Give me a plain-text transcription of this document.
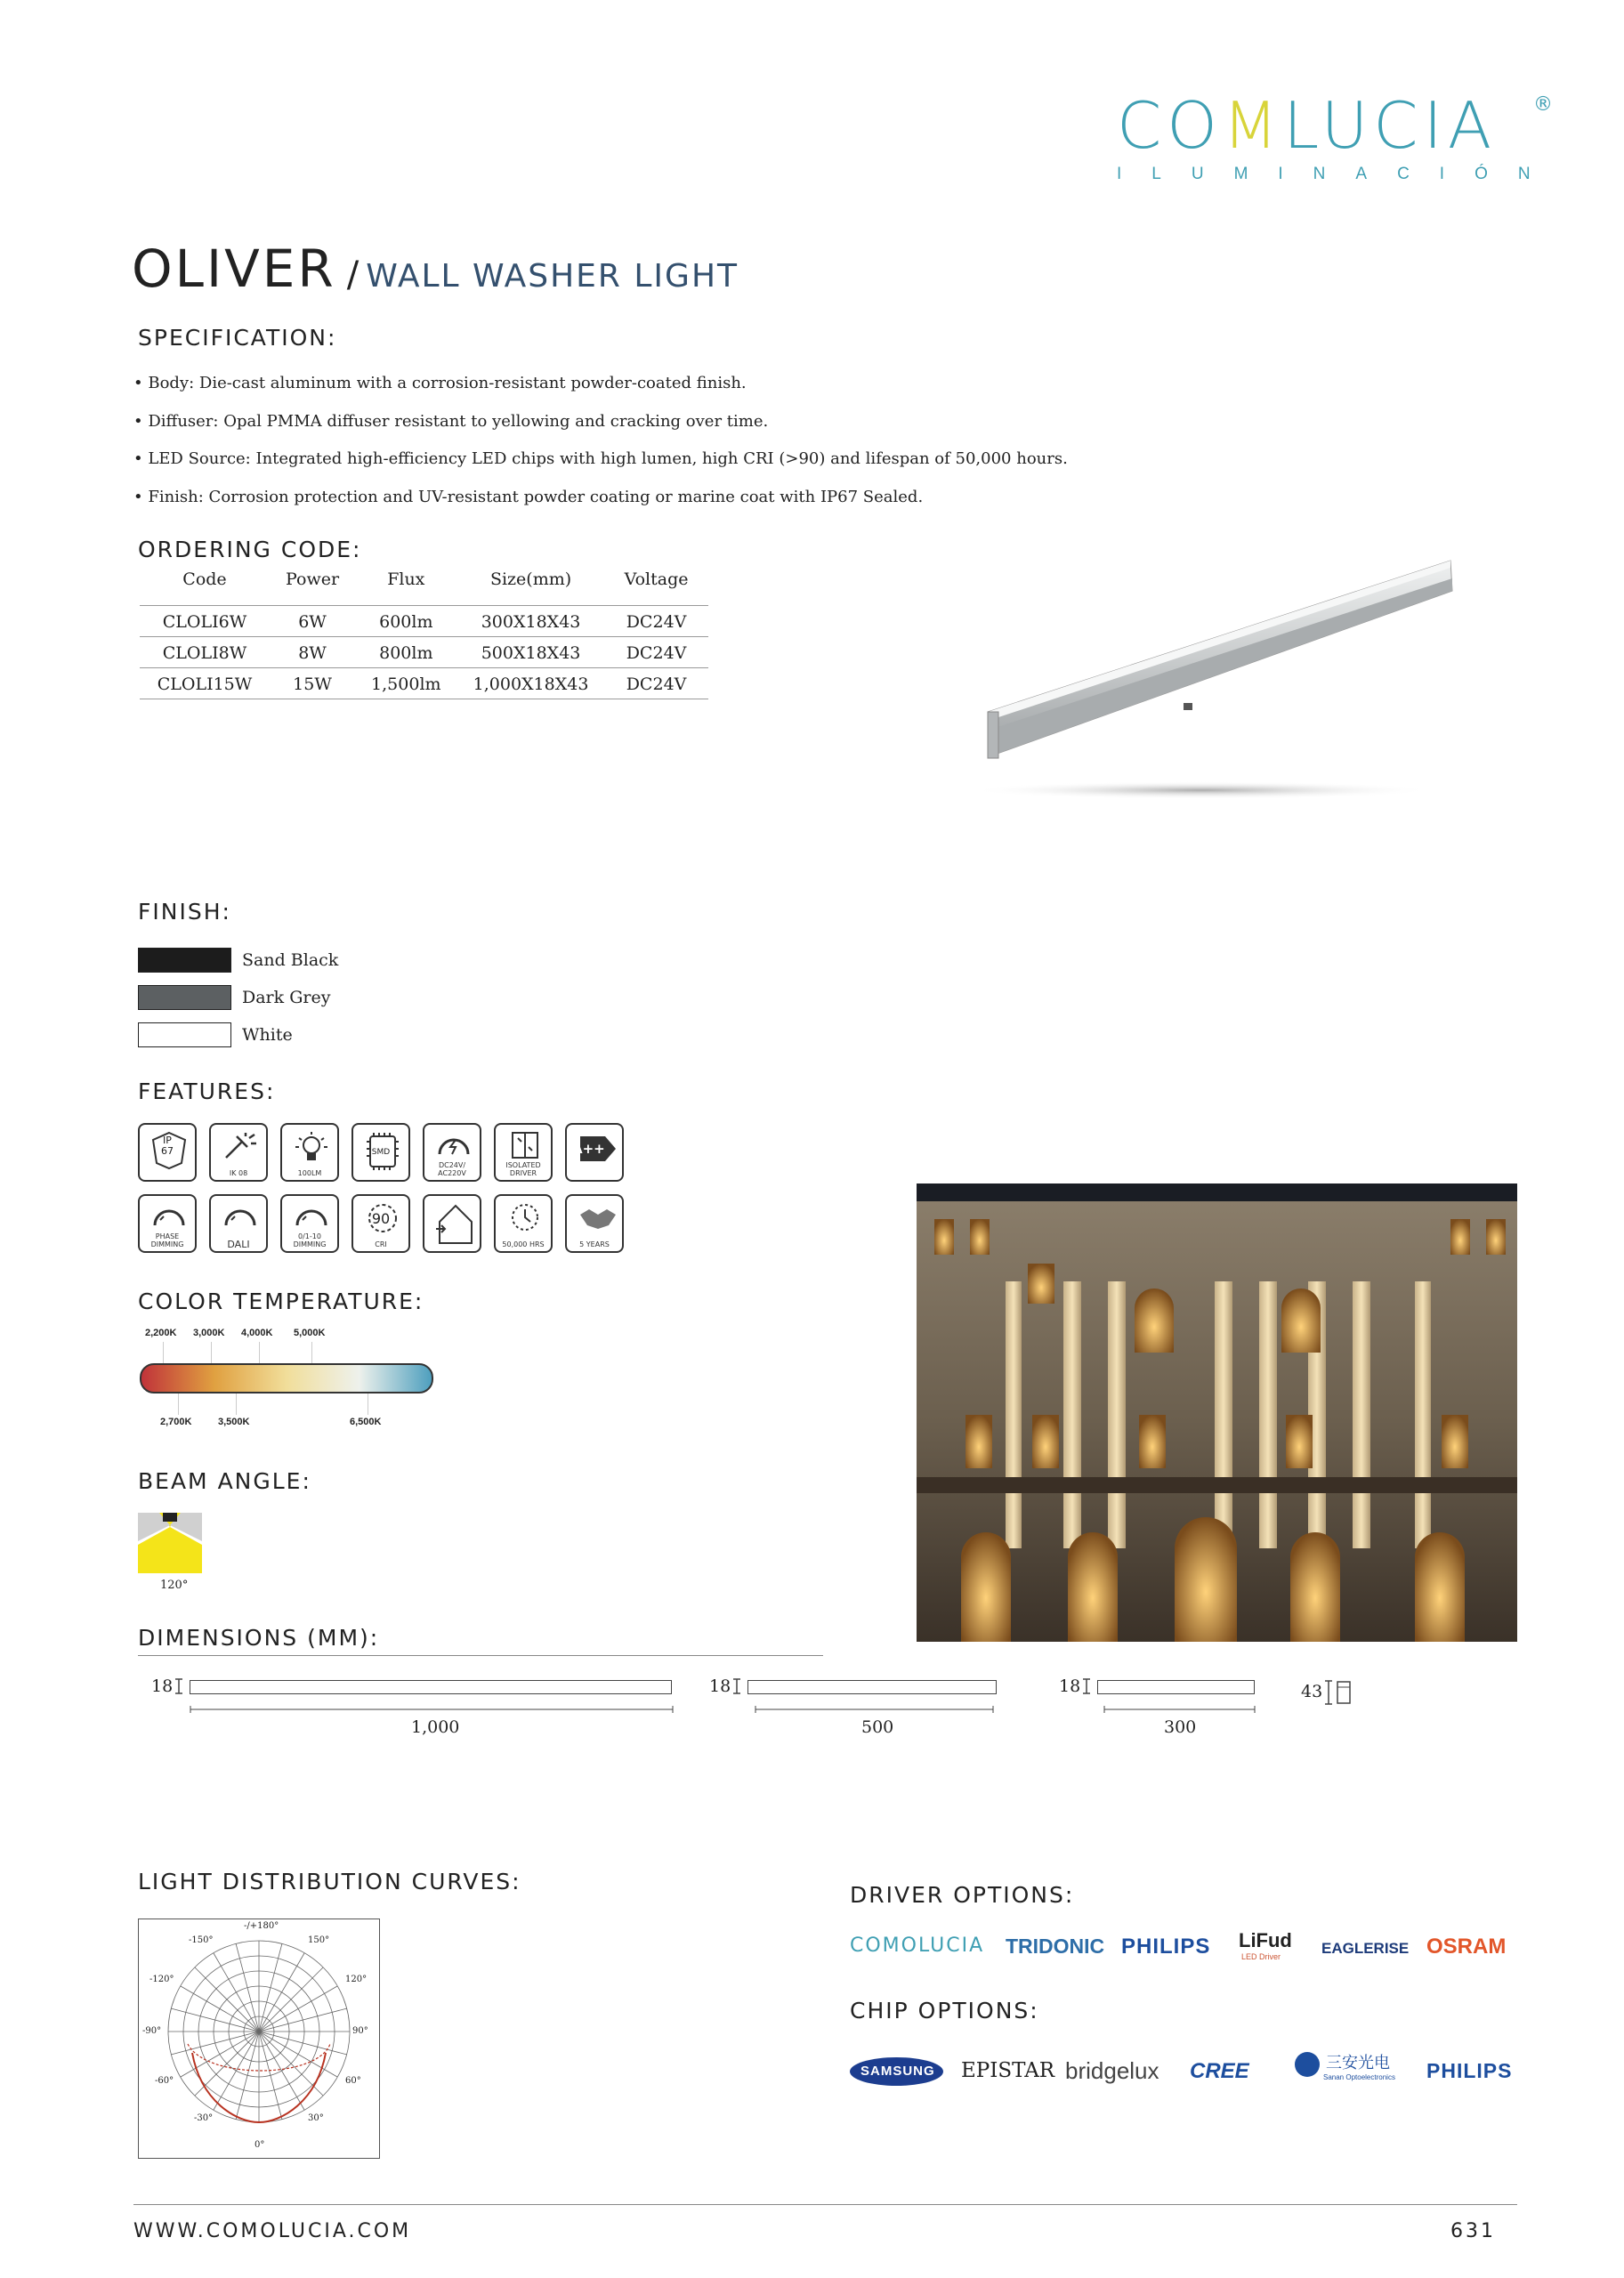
COMLUCIA
ILUMINACIÓN
®
OLIVER / WALL WASHER LIGHT
SPECIFICATION:
• Body: Die-cast aluminum with a corrosion-resistant powder-coated finish.
• Diffuser: Opal PMMA diffuser resistant to yellowing and cracking over time.
• LED Source: Integrated high-efficiency LED chips with high lumen, high CRI (>90) and lifespan of 50,000 hours.
• Finish: Corrosion protection and UV-resistant powder coating or marine coat with IP67 Sealed.
ORDERING CODE:
Code	Power	Flux	Size(mm)	Voltage
CLOLI6W	6W	600lm	300X18X43	DC24V
CLOLI8W	8W	800lm	500X18X43	DC24V
CLOLI15W	15W	1,500lm	1,000X18X43	DC24V
FINISH:
Sand Black
Dark Grey
White
FEATURES:
IP
67
IK 08	100LM
SMD
DC24V/ AC220V
ISOLATED DRIVER
A++
PHASE DIMMING	DALI
0/1-10 DIMMING
90
CRI	50,000 HRS	5 YEARS
COLOR TEMPERATURE:
2,200K 3,000K 4,000K 5,000K
2,700K	3,500K	6,500K
BEAM ANGLE:
120°
DIMENSIONS (MM):
18
1,000
18
500
18
300
43
LIGHT DISTRIBUTION CURVES:
-/+180°
-150°	150°
-120°	120°
-90°	90°
-60°	60°
-30°	30°
0°
DRIVER OPTIONS:
COMOLUCIA TRIDONIC PHILIPS LiFud
LED Driver	EAGLERISE OSRAM
CHIP OPTIONS:
SAMSUNG EPISTAR bridgelux CREE	三安光电
Sanan Optoelectronics PHILIPS
WWW.COMOLUCIA.COM	631
